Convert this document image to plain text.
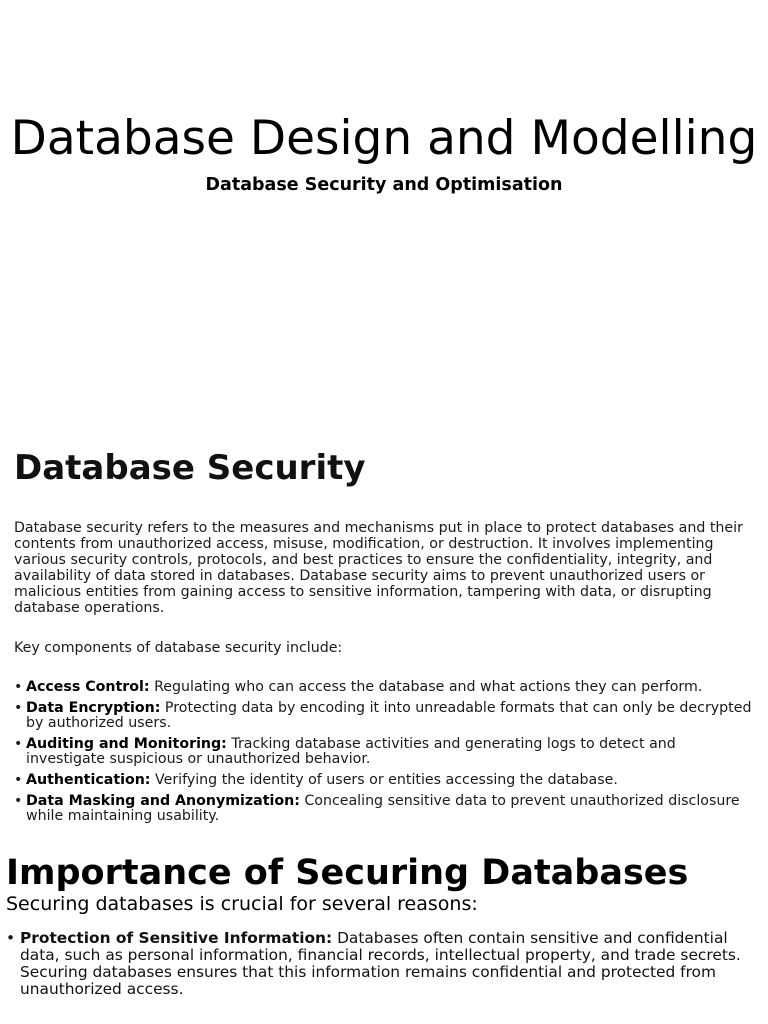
Database Design and Modelling
Database Security and Optimisation
Database Security

Database security refers to the measures and mechanisms put in place to protect databases and their contents from unauthorized access, misuse, modification, or destruction. It involves implementing various security controls, protocols, and best practices to ensure the confidentiality, integrity, and availability of data stored in databases. Database security aims to prevent unauthorized users or malicious entities from gaining access to sensitive information, tampering with data, or disrupting database operations.

Key components of database security include:

• Access Control: Regulating who can access the database and what actions they can perform.
• Data Encryption: Protecting data by encoding it into unreadable formats that can only be decrypted by authorized users.
• Auditing and Monitoring: Tracking database activities and generating logs to detect and investigate suspicious or unauthorized behavior.
• Authentication: Verifying the identity of users or entities accessing the database.
• Data Masking and Anonymization: Concealing sensitive data to prevent unauthorized disclosure while maintaining usability.
Importance of Securing Databases

Securing databases is crucial for several reasons:

• Protection of Sensitive Information: Databases often contain sensitive and confidential data, such as personal information, financial records, intellectual property, and trade secrets. Securing databases ensures that this information remains confidential and protected from unauthorized access.
